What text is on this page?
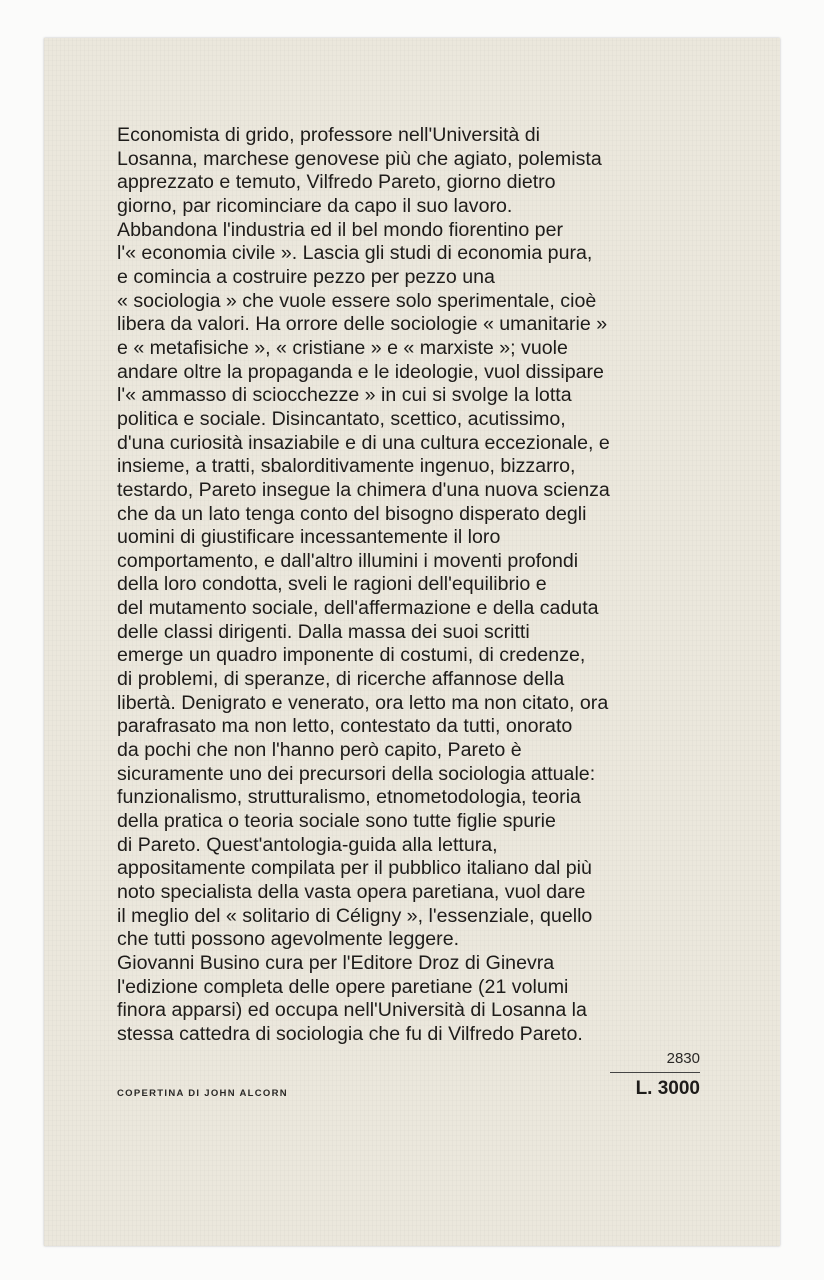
Economista di grido, professore nell'Università di
Losanna, marchese genovese più che agiato, polemista
apprezzato e temuto, Vilfredo Pareto, giorno dietro
giorno, par ricominciare da capo il suo lavoro.
Abbandona l'industria ed il bel mondo fiorentino per
l'« economia civile ». Lascia gli studi di economia pura,
e comincia a costruire pezzo per pezzo una
« sociologia » che vuole essere solo sperimentale, cioè
libera da valori. Ha orrore delle sociologie « umanitarie »
e « metafisiche », « cristiane » e « marxiste »; vuole
andare oltre la propaganda e le ideologie, vuol dissipare
l'« ammasso di sciocchezze » in cui si svolge la lotta
politica e sociale. Disincantato, scettico, acutissimo,
d'una curiosità insaziabile e di una cultura eccezionale, e
insieme, a tratti, sbalorditivamente ingenuo, bizzarro,
testardo, Pareto insegue la chimera d'una nuova scienza
che da un lato tenga conto del bisogno disperato degli
uomini di giustificare incessantemente il loro
comportamento, e dall'altro illumini i moventi profondi
della loro condotta, sveli le ragioni dell'equilibrio e
del mutamento sociale, dell'affermazione e della caduta
delle classi dirigenti. Dalla massa dei suoi scritti
emerge un quadro imponente di costumi, di credenze,
di problemi, di speranze, di ricerche affannose della
libertà. Denigrato e venerato, ora letto ma non citato, ora
parafrasato ma non letto, contestato da tutti, onorato
da pochi che non l'hanno però capito, Pareto è
sicuramente uno dei precursori della sociologia attuale:
funzionalismo, strutturalismo, etnometodologia, teoria
della pratica o teoria sociale sono tutte figlie spurie
di Pareto. Quest'antologia-guida alla lettura,
appositamente compilata per il pubblico italiano dal più
noto specialista della vasta opera paretiana, vuol dare
il meglio del « solitario di Céligny », l'essenziale, quello
che tutti possono agevolmente leggere.
Giovanni Busino cura per l'Editore Droz di Ginevra
l'edizione completa delle opere paretiane (21 volumi
finora apparsi) ed occupa nell'Università di Losanna la
stessa cattedra di sociologia che fu di Vilfredo Pareto.
COPERTINA DI JOHN ALCORN
2830
L. 3000
